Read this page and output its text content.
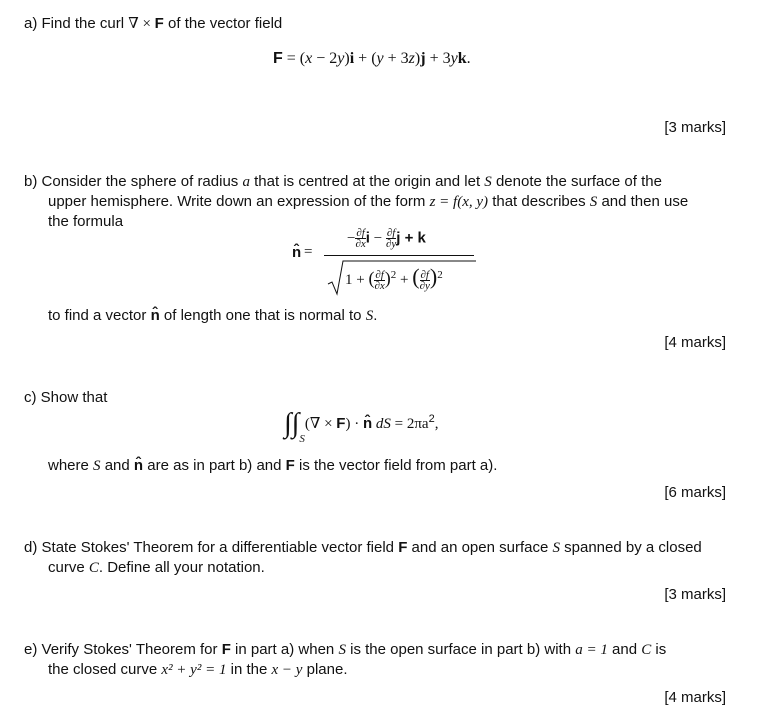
a) Find the curl ∇ × F of the vector field
F = (x − 2y)i + (y + 3z)j + 3yk.
[3 marks]
b) Consider the sphere of radius a that is centred at the origin and let S denote the surface of the
upper hemisphere. Write down an expression of the form z = f(x, y) that describes S and then use
the formula
n̂ =
− $\frac{\partial f}{\partial x}$ $i - \frac{\partial f}{\partial y}$ j + k
1 + ( $\frac{\partial f}{\partial x} )^2$ + ( $\frac{\partial f}{\partial y} )^2$
to find a vector n̂ of length one that is normal to S.
[4 marks]
c) Show that
$\int\int_S(\nabla \times F)$ · n̂ dS = $2\pi a^2$,
where S and n̂ are as in part b) and F is the vector field from part a).
[6 marks]
d) State Stokes' Theorem for a differentiable vector field F and an open surface S spanned by a closed
curve C. Define all your notation.
[3 marks]
e) Verify Stokes' Theorem for F in part a) when S is the open surface in part b) with a = 1 and C is
the closed curve x² + y² = 1 in the x − y plane.
[4 marks]
